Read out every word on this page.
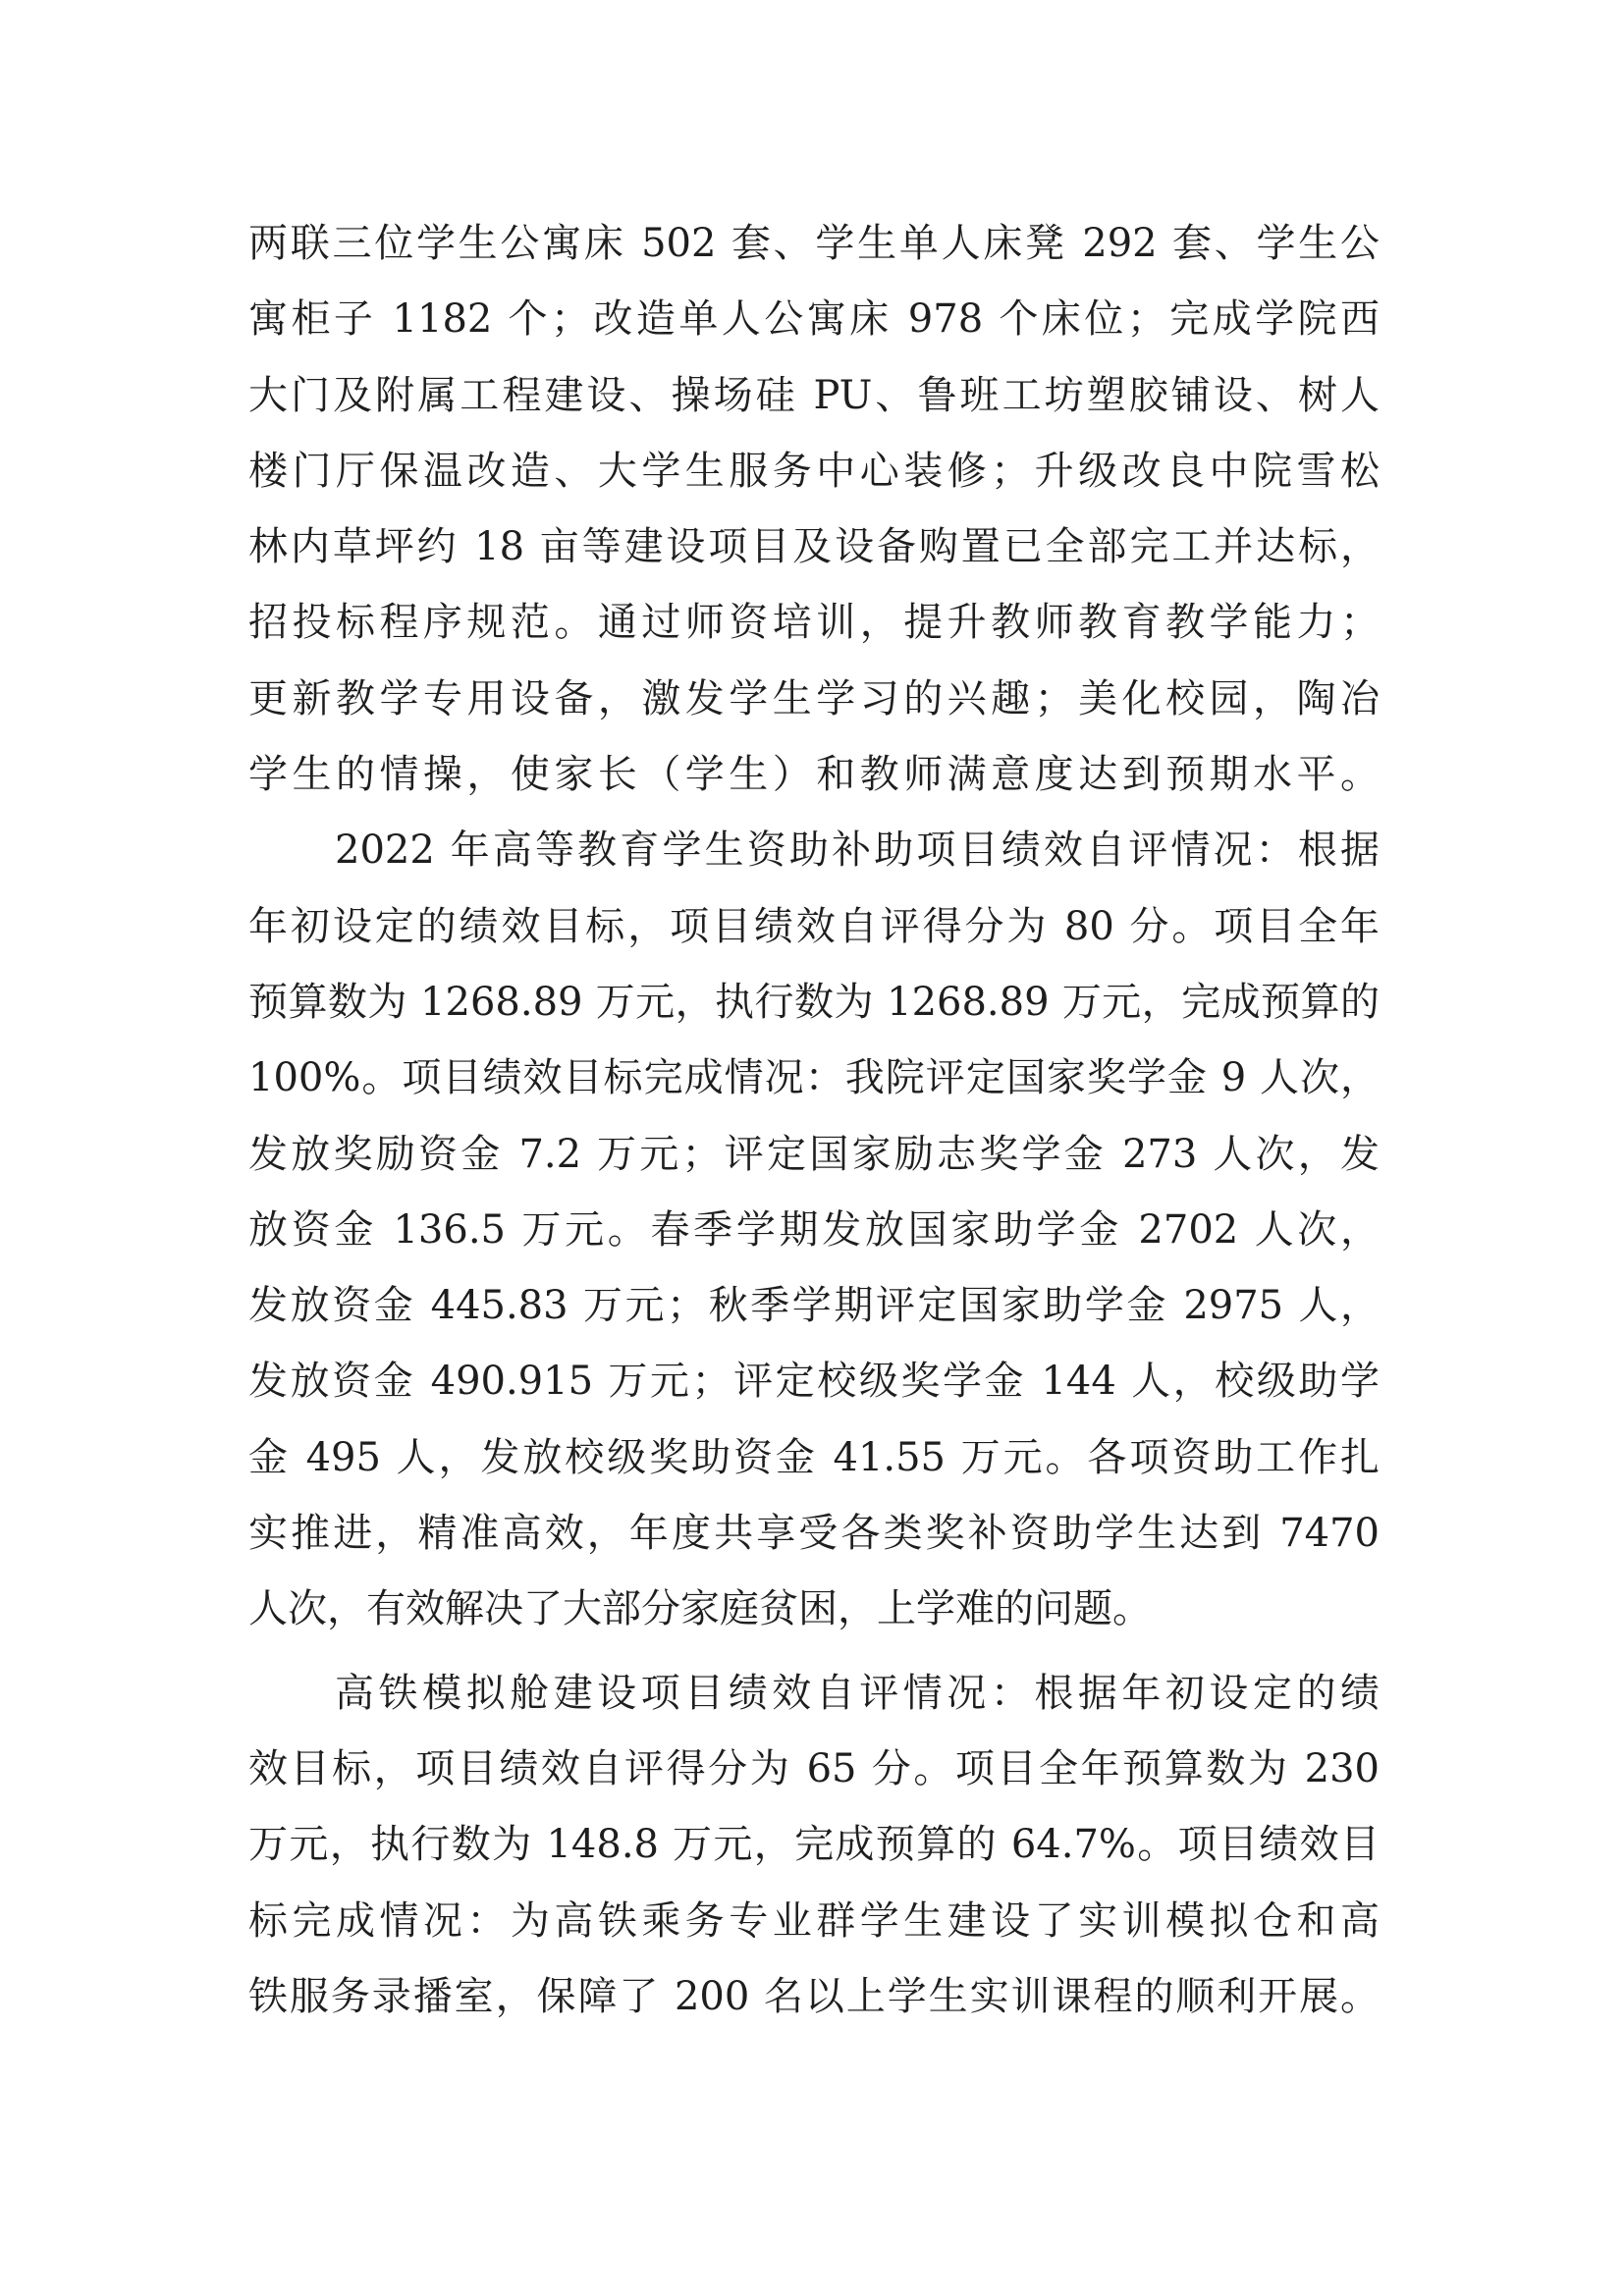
两联三位学生公寓床 502 套、学生单人床凳 292 套、学生公
寓柜子 1182 个；改造单人公寓床 978 个床位；完成学院西
大门及附属工程建设、操场硅 PU、鲁班工坊塑胶铺设、树人
楼门厅保温改造、大学生服务中心装修；升级改良中院雪松
林内草坪约 18 亩等建设项目及设备购置已全部完工并达标，
招投标程序规范。通过师资培训，提升教师教育教学能力；
更新教学专用设备，激发学生学习的兴趣；美化校园，陶冶
学生的情操，使家长（学生）和教师满意度达到预期水平。
2022 年高等教育学生资助补助项目绩效自评情况：根据
年初设定的绩效目标，项目绩效自评得分为 80 分。项目全年
预算数为 1268.89 万元，执行数为 1268.89 万元，完成预算的
100%。项目绩效目标完成情况：我院评定国家奖学金 9 人次，
发放奖励资金 7.2 万元；评定国家励志奖学金 273 人次，发
放资金 136.5 万元。春季学期发放国家助学金 2702 人次，
发放资金 445.83 万元；秋季学期评定国家助学金 2975 人，
发放资金 490.915 万元；评定校级奖学金 144 人，校级助学
金 495 人，发放校级奖助资金 41.55 万元。各项资助工作扎
实推进，精准高效，年度共享受各类奖补资助学生达到 7470
人次，有效解决了大部分家庭贫困，上学难的问题。
高铁模拟舱建设项目绩效自评情况：根据年初设定的绩
效目标，项目绩效自评得分为 65 分。项目全年预算数为 230
万元，执行数为 148.8 万元，完成预算的 64.7%。项目绩效目
标完成情况：为高铁乘务专业群学生建设了实训模拟仓和高
铁服务录播室，保障了 200 名以上学生实训课程的顺利开展。
